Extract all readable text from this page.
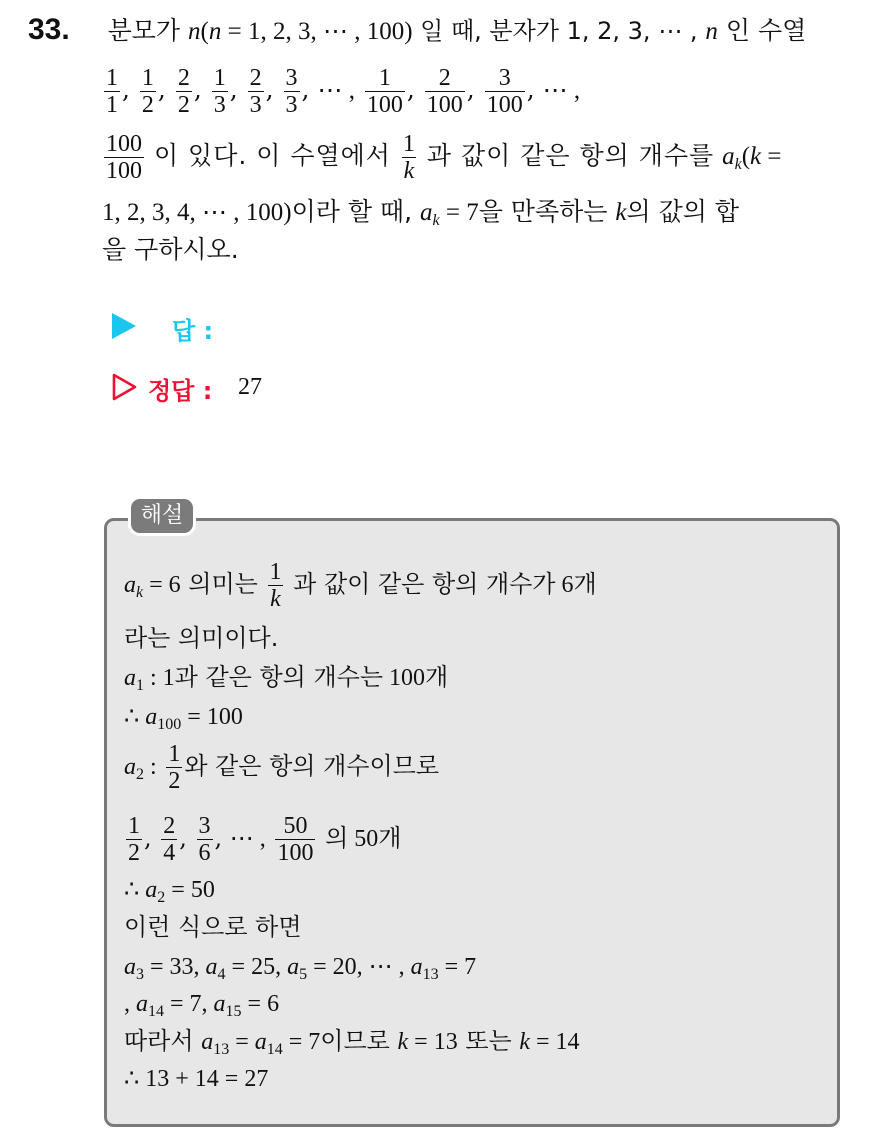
33. 분모가 n(n = 1, 2, 3, ⋯ , 100) 일 때, 분자가 1, 2, 3, ⋯ , n 인 수열
$\frac{1}{1}$ , $\frac{1}{2}$ , $\frac{2}{2}$ , $\frac{1}{3}$ , $\frac{2}{3}$ , $\frac{3}{3}$ , ⋯ , $\frac{1}{100}$ , $\frac{2}{100}$ , $\frac{3}{100}$ , ⋯ ,
$\frac{100}{100}$ 이 있다. 이 수열에서 $\frac{1}{k}$ 과 값이 같은 항의 개수를 $a_k(k$ =
1, 2, 3, 4, ⋯ , 100)이라 할 때, $a_k = 7$을 만족하는 k의 값의 합
을 구하시오.
답 :
정답 : 27
해설
$a_k = 6$ 의미는 $\frac{1}{k}$ 과 값이 같은 항의 개수가 6개
라는 의미이다.
$a_1$ : 1과 같은 항의 개수는 100개
∴ $a_{100} = 100$
$a_2$ : $\frac{1}{2}$ 와 같은 항의 개수이므로
$\frac{1}{2}$ , $\frac{2}{4}$ , $\frac{3}{6}$ , ⋯ , $\frac{50}{100}$ 의 50개
∴ $a_2 = 50$
이런 식으로 하면
$a_3 = 33$, $a_4 = 25$, $a_5 = 20$, ⋯ , $a_{13} = 7$
, $a_{14} = 7$, $a_{15} = 6$
따라서 $a_{13} = a_{14} = 7$이므로 k = 13 또는 k = 14
∴ 13 + 14 = 27
